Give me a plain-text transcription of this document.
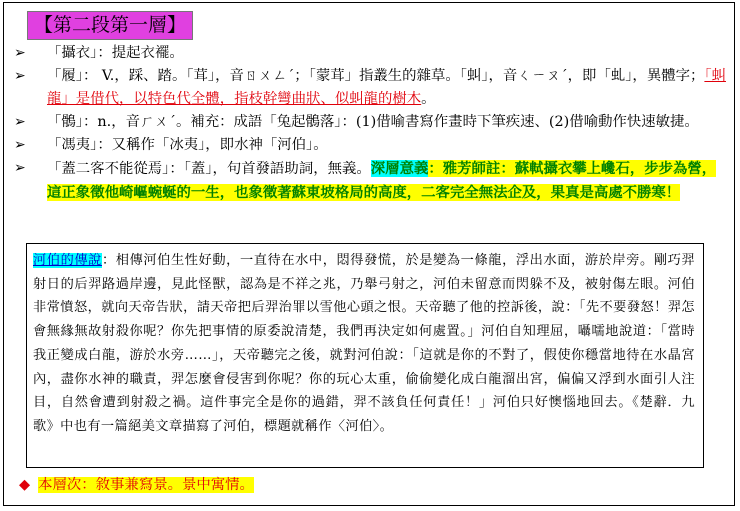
【第二段第一層】
➢ 「攝衣」：提起衣襬。
➢ 「履」： V.，踩、踏。「茸」，音ㄖㄨㄥˊ；「蒙茸」指叢生的雜草。「虯」，音ㄑㄧㄡˊ，即「虬」，異體字；「虯龍」是借代，以特色代全體，指枝幹彎曲狀、似虯龍的樹木。
➢ 「鶻」：n.，音ㄏㄨˊ。補充：成語「兔起鶻落」：(1)借喻書寫作畫時下筆疾速、(2)借喻動作快速敏捷。
➢ 「馮夷」：又稱作「冰夷」，即水神「河伯」。
➢ 「蓋二客不能從焉」：「蓋」，句首發語助詞，無義。深層意義：雅芳師註：蘇軾攝衣攀上巉石，步步為營，這正象徵他崎嶇蜿蜒的一生，也象徵著蘇東坡格局的高度，二客完全無法企及，果真是高處不勝寒！
河伯的傳說：相傳河伯生性好動，一直待在水中，悶得發慌，於是變為一條龍，浮出水面，游於岸旁。剛巧羿射日的后羿路過岸邊，見此怪獸，認為是不祥之兆，乃舉弓射之，河伯未留意而閃躲不及，被射傷左眼。河伯非常憤怒，就向天帝告狀，請天帝把后羿治罪以雪他心頭之恨。天帝聽了他的控訴後，說：「先不要發怒！羿怎會無緣無故射殺你呢？你先把事情的原委說清楚，我們再決定如何處置。」河伯自知理屈，囁嚅地說道：「當時我正變成白龍，游於水旁……」，天帝聽完之後，就對河伯說：「這就是你的不對了，假使你穩當地待在水晶宮內，盡你水神的職責，羿怎麼會侵害到你呢？你的玩心太重，偷偷變化成白龍溜出宮，偏偏又浮到水面引人注目，自然會遭到射殺之禍。這件事完全是你的過錯，羿不該負任何責任！」河伯只好懊惱地回去。《楚辭．九歌》中也有一篇絕美文章描寫了河伯，標題就稱作〈河伯〉。
◆ 本層次：敘事兼寫景。景中寓情。
